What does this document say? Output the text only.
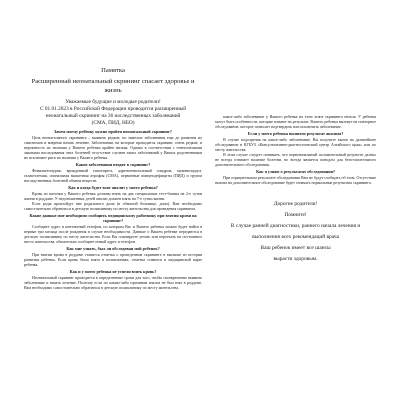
Памятка

Расширенный неонатальный скрининг спасает здоровье и

жизнь

Уважаемые будущие и молодые родители!

С 01.01.2023 в Российской Федерации проводится расширенный

неонатальный скрининг на 36 наследственных заболеваний

(СМА, ПИД, НБО)

Зачем моему ребёнку нужно пройти неонатальный скрининг?
Цель неонатального скрининга – выявить редкие, но тяжелые заболевания еще до развития их симптомов и вовремя начать лечение. Заболевания, на которые проводится скрининг, очень редкие, и вероятность их наличия у Вашего ребенка крайне низкая. Однако в соответствии с генетическими законами наследования этих болезней отсутствие случаев таких заболеваний у Ваших родственников не исключает риск их наличия у Вашего ребенка.
Какие заболевания входят в скрининг?
Фенилкетонурия, врожденный гипотиреоз, адреногенитальный синдром, муковисцидоз, галактоземия, спинальная мышечная атрофия (СМА), первичные иммунодефициты (ПИД) и группа наследственных болезней обмена веществ.
Как и когда будет взят анализ у моего ребенка?
Кровь из пяточки у Вашего ребенка должны взять на два специальных тест-бланка на 2-е сутки жизни в роддоме. У недоношенных детей анализ должен взять на 7-е сутки жизни.
Если роды произойдут вне родильного дома (в обычной больнице, дома), Вам необходимо самостоятельно обратиться в детскую поликлинику по месту жительства для проведения скрининга.
Какие данные мне необходимо сообщить медицинскому работнику при взятии крови на скрининг?
Сообщите адрес и контактный телефон, по которым Вас и Вашего ребенка можно будет найти в первые три месяца после рождения в случае необходимости. Данные о Вашем ребенке передаются в детскую поликлинику по месту жительства. Если Вы планируете уехать или переехать на постоянное место жительства, обязательно сообщите новый адрес и телефон.
Как мне узнать, был ли обследован мой ребенок?
При взятии крови в роддоме ставится отметка о проведенном скрининге в выписке из истории развития ребенка. Если кровь была взята в поликлинике, отметка ставится в медицинской карте ребенка.
Как и у моего ребенка не успели взять кровь?
Неонатальный скрининг проводится в определенные сроки для того, чтобы своевременно выявить заболевание и начать лечение. Поэтому если по каким-либо причинам анализ не был взят в роддоме, Вам необходимо самостоятельно обратиться в детскую поликлинику по месту жительства.
какое-либо заболевание у Вашего ребенка на этом этапе скрининга нельзя. У ребенка могут быть особенности, которые влияют на результат. Вашего ребенка вызовут на повторное обследование, которое позволит подтвердить или исключить заболевание.
Если у моего ребенка выявлен результат анализа?
В случае подозрения на какое-либо заболевание, Вы получите вызов на дальнейшее обследование в КГБУЗ «Консультативно-диагностический центр Алтайского края» или по месту жительства.
В этом случае следует понимать, что первоначальный положительный результат далеко не всегда означает наличие болезни, но всегда является поводом для безотлагательного дополнительного обследования.
Как я узнаю о результатах обследования?
При отрицательном результате обследования Вам не будут сообщать об этом. Отсутствие вызова на дополнительное обследование будет означать нормальные результаты скрининга.
Дорогие родители!
Помните!
В случае ранней диагностики, раннего начала лечения и
выполнения всех рекомендаций врача
Ваш ребенок имеет все шансы
вырасти здоровым.
